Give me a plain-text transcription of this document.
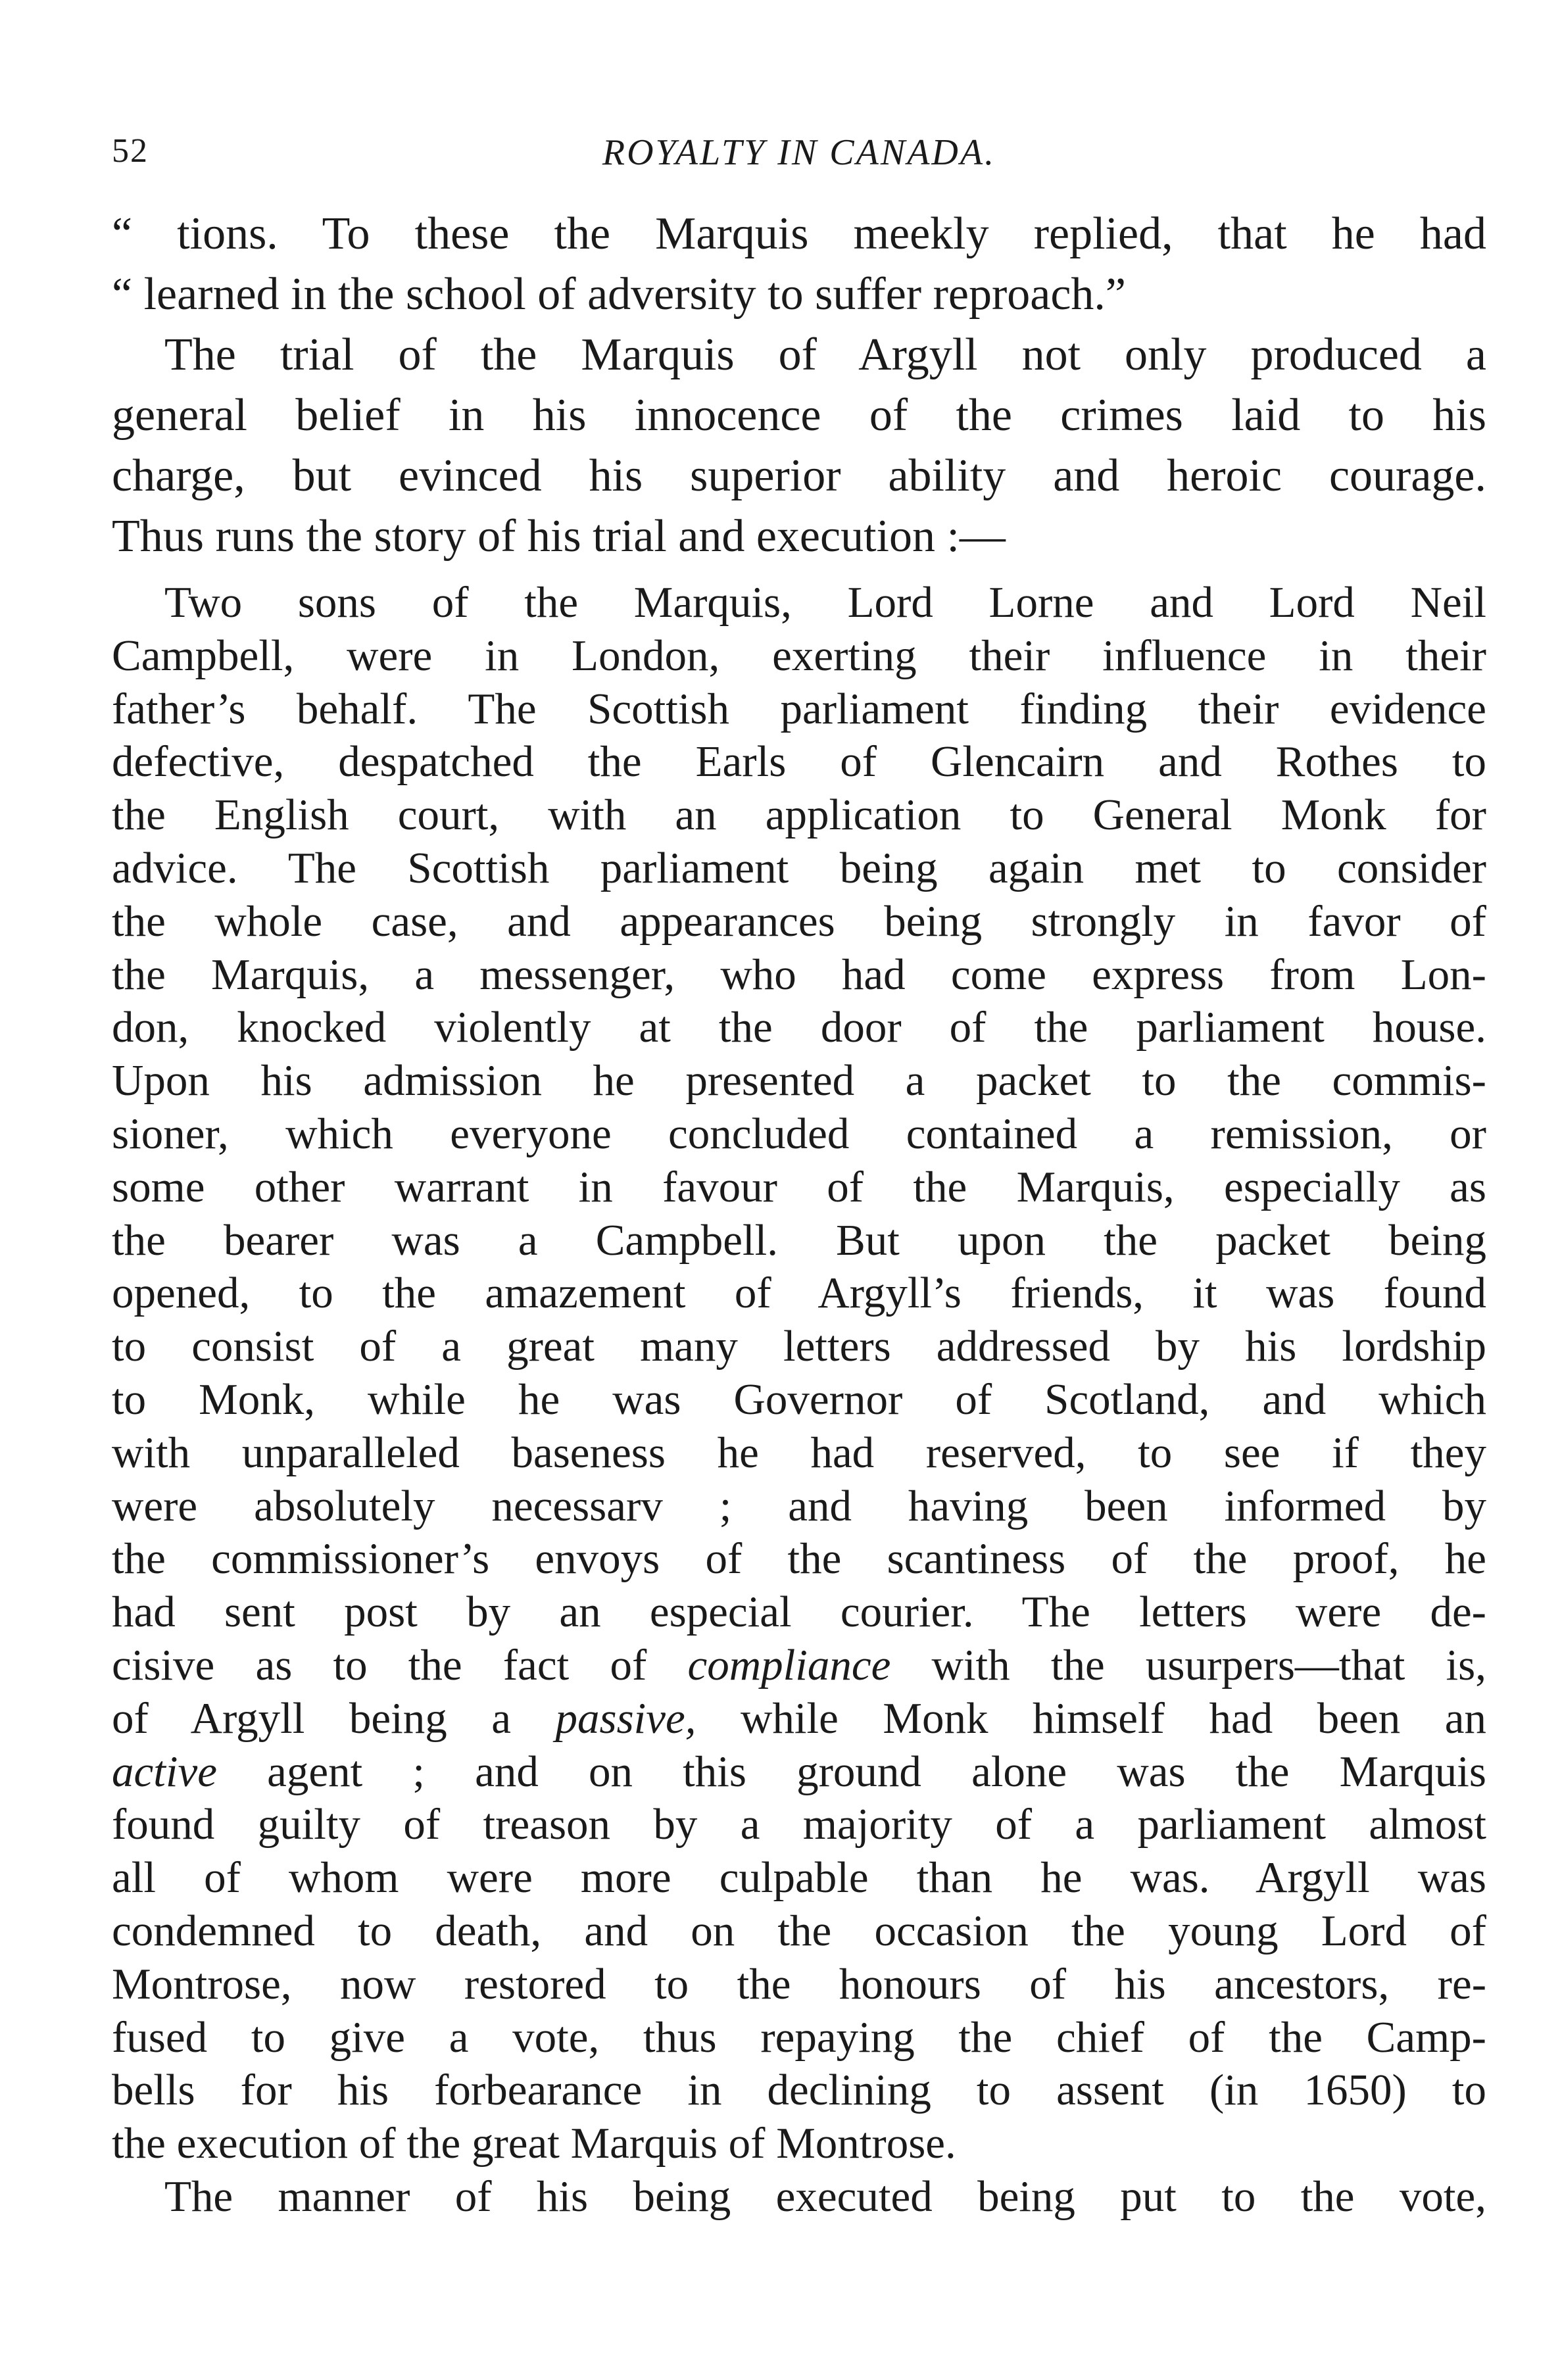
52	ROYALTY IN CANADA.
“ tions. To these the Marquis meekly replied, that he had
“ learned in the school of adversity to suffer reproach.”
The trial of the Marquis of Argyll not only produced a
general belief in his innocence of the crimes laid to his
charge, but evinced his superior ability and heroic courage.
Thus runs the story of his trial and execution :—
Two sons of the Marquis, Lord Lorne and Lord Neil
Campbell, were in London, exerting their influence in their
father’s behalf. The Scottish parliament finding their evidence
defective, despatched the Earls of Glencairn and Rothes to
the English court, with an application to General Monk for
advice. The Scottish parliament being again met to consider
the whole case, and appearances being strongly in favor of
the Marquis, a messenger, who had come express from Lon-
don, knocked violently at the door of the parliament house.
Upon his admission he presented a packet to the commis-
sioner, which everyone concluded contained a remission, or
some other warrant in favour of the Marquis, especially as
the bearer was a Campbell. But upon the packet being
opened, to the amazement of Argyll’s friends, it was found
to consist of a great many letters addressed by his lordship
to Monk, while he was Governor of Scotland, and which
with unparalleled baseness he had reserved, to see if they
were absolutely necessarv ; and having been informed by
the commissioner’s envoys of the scantiness of the proof, he
had sent post by an especial courier. The letters were de-
cisive as to the fact of compliance with the usurpers—that is,
of Argyll being a passive, while Monk himself had been an
active agent ; and on this ground alone was the Marquis
found guilty of treason by a majority of a parliament almost
all of whom were more culpable than he was. Argyll was
condemned to death, and on the occasion the young Lord of
Montrose, now restored to the honours of his ancestors, re-
fused to give a vote, thus repaying the chief of the Camp-
bells for his forbearance in declining to assent (in 1650) to
the execution of the great Marquis of Montrose.
The manner of his being executed being put to the vote,
